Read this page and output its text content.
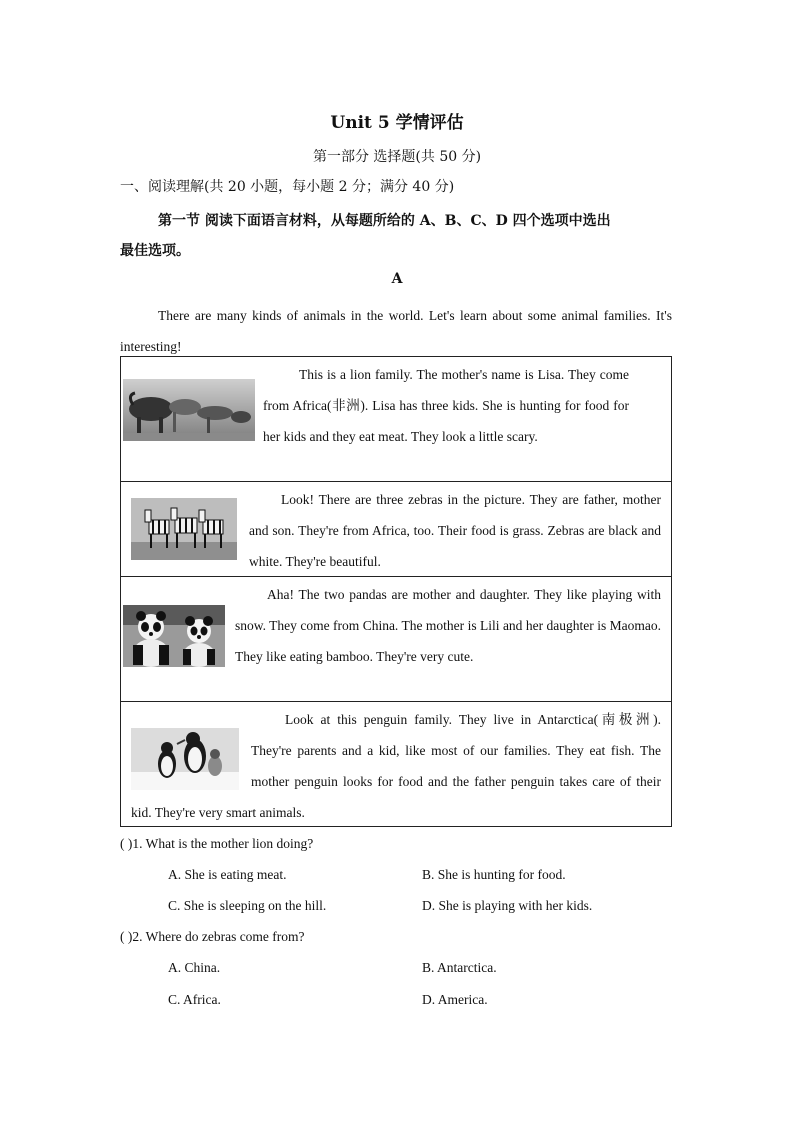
Unit 5 学情评估
第一部分 选择题(共 50 分)
一、阅读理解(共 20 小题，每小题 2 分；满分 40 分)
第一节 阅读下面语言材料，从每题所给的 A、B、C、D 四个选项中选出
最佳选项。
A
There are many kinds of animals in the world. Let's learn about some animal families. It's interesting!
This is a lion family. The mother's name is Lisa. They come from Africa(非洲). Lisa has three kids. She is hunting for food for her kids and they eat meat. They look a little scary.
Look! There are three zebras in the picture. They are father, mother and son. They're from Africa, too. Their food is grass. Zebras are black and white. They're beautiful.
Aha! The two pandas are mother and daughter. They like playing with snow. They come from China. The mother is Lili and her daughter is Maomao. They like eating bamboo. They're very cute.
Look at this penguin family. They live in Antarctica(南极洲). They're parents and a kid, like most of our families. They eat fish. The mother penguin looks for food and the father penguin takes care of their kid. They're very smart animals.
( )1. What is the mother lion doing?
A. She is eating meat.	B. She is hunting for food.
C. She is sleeping on the hill.	D. She is playing with her kids.
( )2. Where do zebras come from?
A. China.	B. Antarctica.
C. Africa.	D. America.
